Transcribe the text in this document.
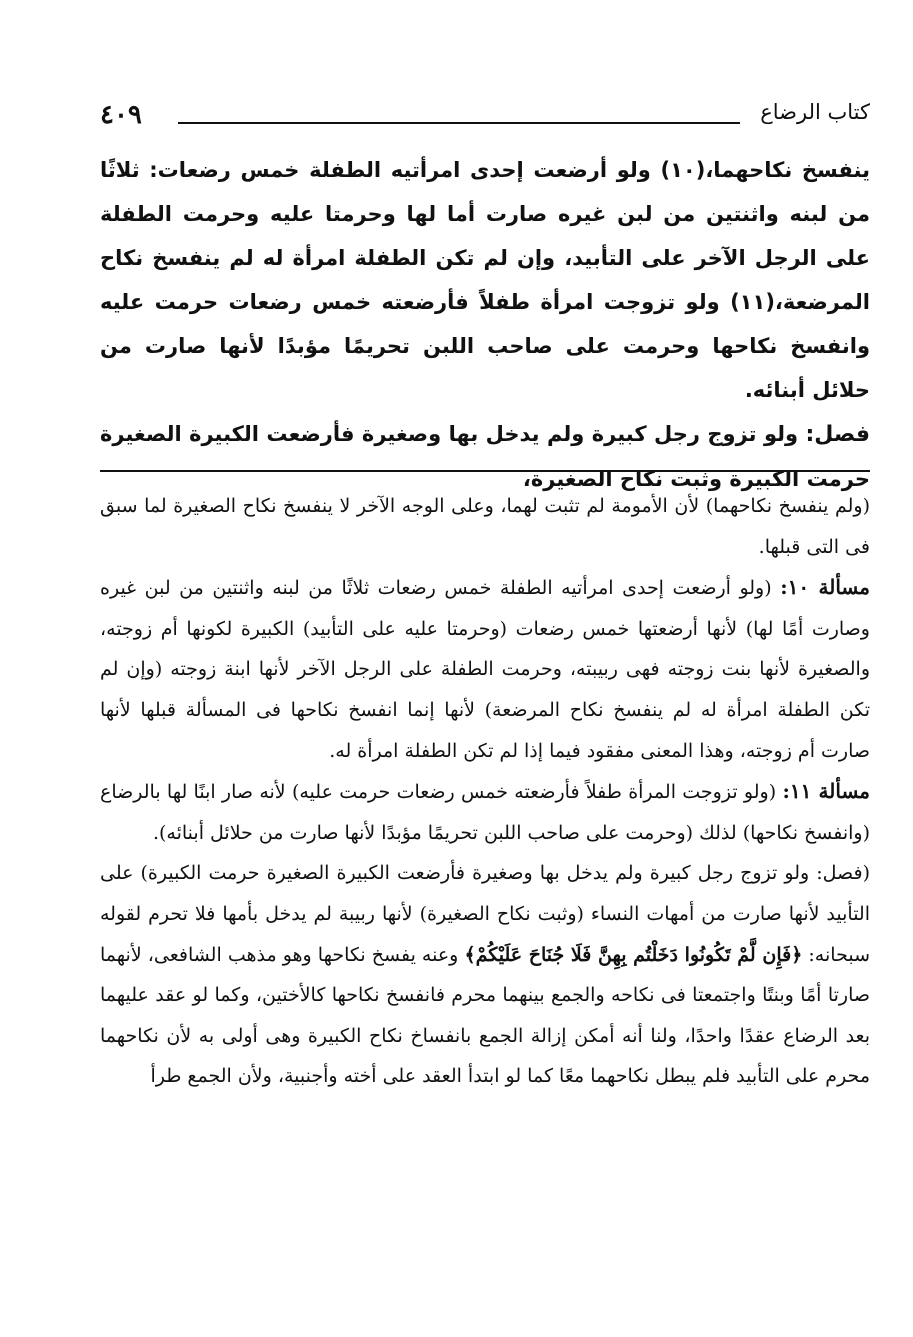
كتاب الرضاع
٤٠٩

ينفسخ نكاحهما،(١٠) ولو أرضعت إحدى امرأتيه الطفلة خمس رضعات: ثلاثًا من لبنه واثنتين من لبن غيره صارت أما لها وحرمتا عليه وحرمت الطفلة على الرجل الآخر على التأبيد، وإن لم تكن الطفلة امرأة له لم ينفسخ نكاح المرضعة،(١١) ولو تزوجت امرأة طفلاً فأرضعته خمس رضعات حرمت عليه وانفسخ نكاحها وحرمت على صاحب اللبن تحريمًا مؤبدًا لأنها صارت من حلائل أبنائه.

فصل: ولو تزوج رجل كبيرة ولم يدخل بها وصغيرة فأرضعت الكبيرة الصغيرة حرمت الكبيرة وثبت نكاح الصغيرة،

(ولم ينفسخ نكاحهما) لأن الأمومة لم تثبت لهما، وعلى الوجه الآخر لا ينفسخ نكاح الصغيرة لما سبق فى التى قبلها.

مسألة ١٠: (ولو أرضعت إحدى امرأتيه الطفلة خمس رضعات ثلاثًا من لبنه واثنتين من لبن غيره وصارت أمًا لها) لأنها أرضعتها خمس رضعات (وحرمتا عليه على التأبيد) الكبيرة لكونها أم زوجته، والصغيرة لأنها بنت زوجته فهى ربيبته، وحرمت الطفلة على الرجل الآخر لأنها ابنة زوجته (وإن لم تكن الطفلة امرأة له لم ينفسخ نكاح المرضعة) لأنها إنما انفسخ نكاحها فى المسألة قبلها لأنها صارت أم زوجته، وهذا المعنى مفقود فيما إذا لم تكن الطفلة امرأة له.

مسألة ١١: (ولو تزوجت المرأة طفلاً فأرضعته خمس رضعات حرمت عليه) لأنه صار ابنًا لها بالرضاع (وانفسخ نكاحها) لذلك (وحرمت على صاحب اللبن تحريمًا مؤبدًا لأنها صارت من حلائل أبنائه).

(فصل: ولو تزوج رجل كبيرة ولم يدخل بها وصغيرة فأرضعت الكبيرة الصغيرة حرمت الكبيرة) على التأبيد لأنها صارت من أمهات النساء (وثبت نكاح الصغيرة) لأنها ربيبة لم يدخل بأمها فلا تحرم لقوله سبحانه: ﴿فَإِن لَّمْ تَكُونُوا دَخَلْتُم بِهِنَّ فَلَا جُنَاحَ عَلَيْكُمْ﴾ وعنه يفسخ نكاحها وهو مذهب الشافعى، لأنهما صارتا أمًا وبنتًا واجتمعتا فى نكاحه والجمع بينهما محرم فانفسخ نكاحها كالأختين، وكما لو عقد عليهما بعد الرضاع عقدًا واحدًا، ولنا أنه أمكن إزالة الجمع بانفساخ نكاح الكبيرة وهى أولى به لأن نكاحهما محرم على التأبيد فلم يبطل نكاحهما معًا كما لو ابتدأ العقد على أخته وأجنبية، ولأن الجمع طرأ
